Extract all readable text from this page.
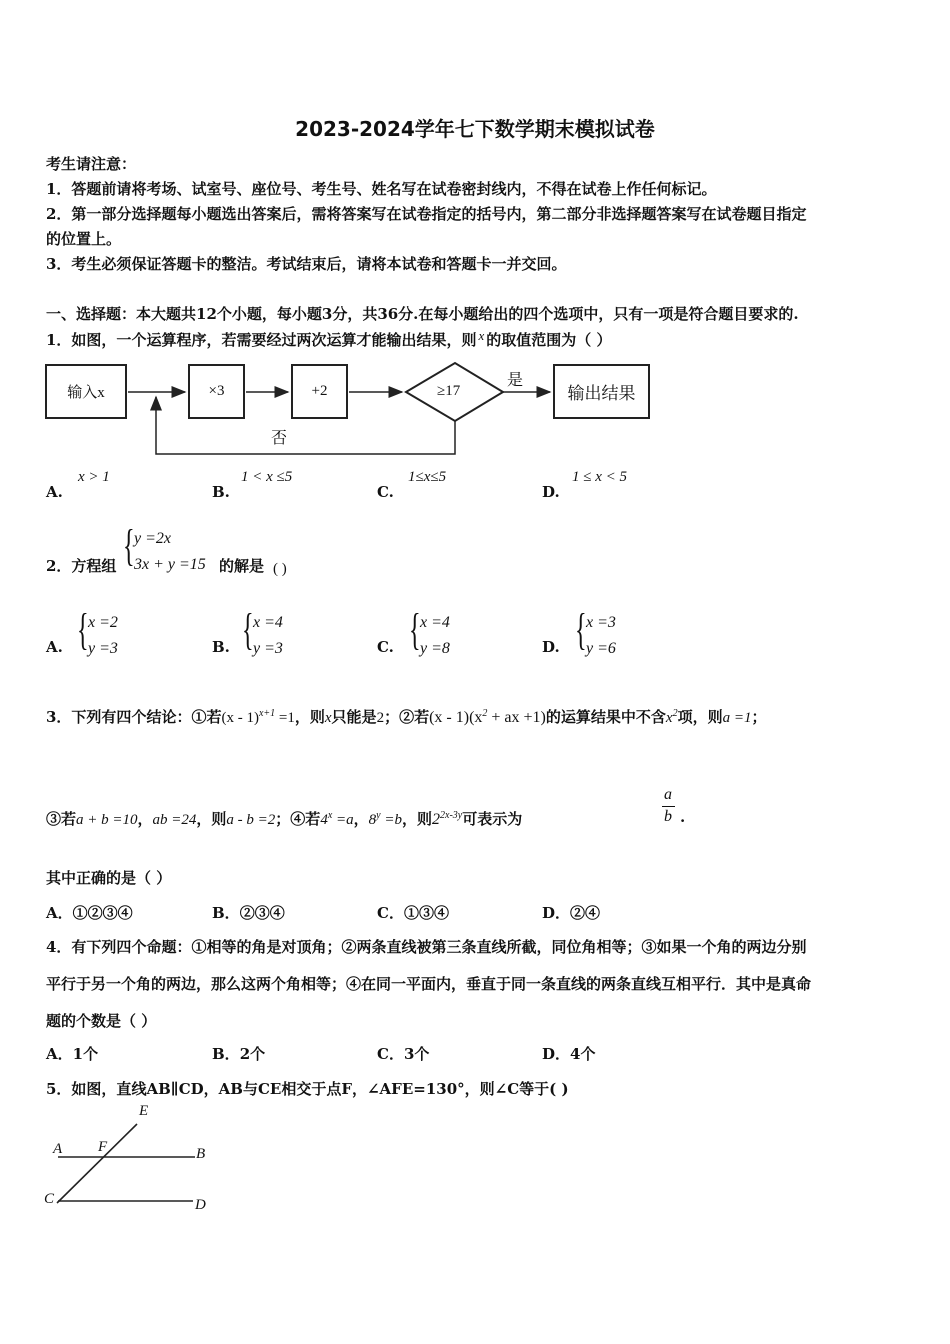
2023-2024学年七下数学期末模拟试卷
考生请注意：
1．答题前请将考场、试室号、座位号、考生号、姓名写在试卷密封线内，不得在试卷上作任何标记。
2．第一部分选择题每小题选出答案后，需将答案写在试卷指定的括号内，第二部分非选择题答案写在试卷题目指定
的位置上。
3．考生必须保证答题卡的整洁。考试结束后，请将本试卷和答题卡一并交回。
一、选择题：本大题共12个小题，每小题3分，共36分.在每小题给出的四个选项中，只有一项是符合题目要求的.
1．如图，一个运算程序，若需要经过两次运算才能输出结果，则 x 的取值范围为（ ）
输入x	×3	+2	≥17
是
否
输出结果
A.
x > 1
B.
1 < x ≤5
C.
1≤x≤5
D.
1 ≤ x < 5
2．方程组 { y =2x
3x + y =15 的解是 ( )
A. { x =2
y =3	B. { x =4
y =3	C. { x =4
y =8	D. { x =3
y =6
3．下列有四个结论：①若(x - 1)$^{x+1}$ =1，则x只能是2；②若$(x - 1)(x^2$ + ax +1)的运算结果中不含$x^2$项，则a =1；
③若a + b =10，ab =24，则a - b =2；④若$4^x =a$，$8^y =b$，则$2^{2x-3y}$可表示为
a
b .
其中正确的是（ ）
A．①②③④	B．②③④	C．①③④	D．②④
4．有下列四个命题：①相等的角是对顶角；②两条直线被第三条直线所截，同位角相等；③如果一个角的两边分别
平行于另一个角的两边，那么这两个角相等；④在同一平面内，垂直于同一条直线的两条直线互相平行．其中是真命
题的个数是（ ）
A．1个	B．2个	C．3个	D．4个
5．如图，直线AB∥CD，AB与CE相交于点F，∠AFE=130°，则∠C等于( )
E
A F	B
C	D
